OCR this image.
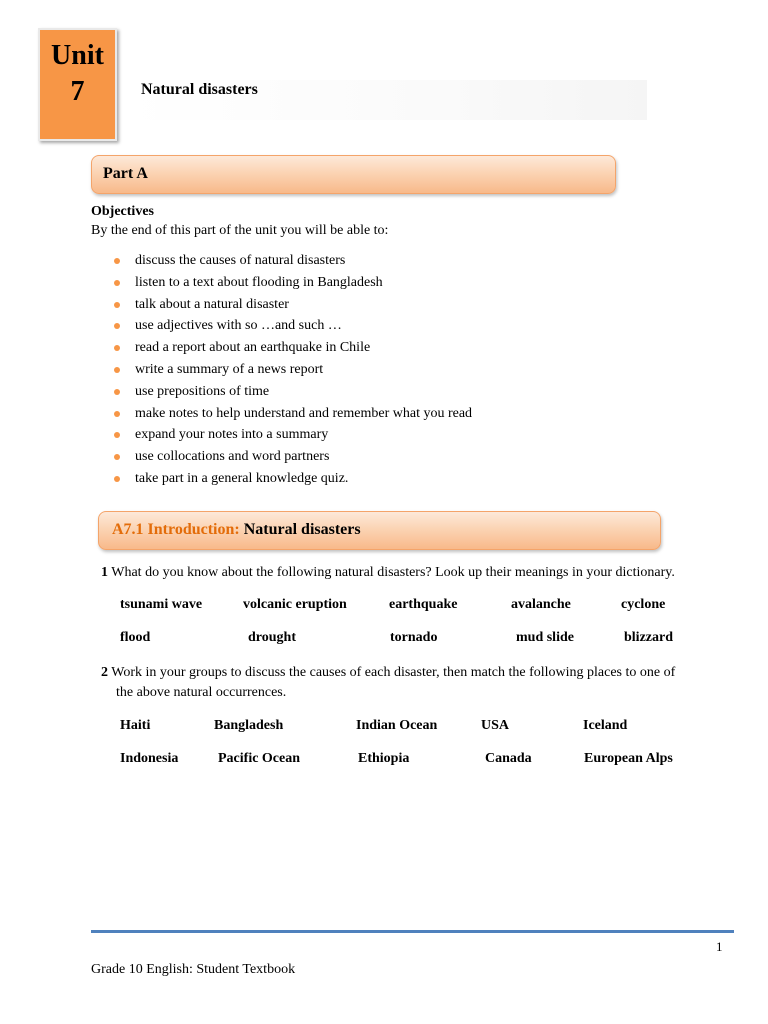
Unit
7	Natural disasters
Part A
Objectives
By the end of this part of the unit you will be able to:
discuss the causes of natural disasters
listen to a text about flooding in Bangladesh
talk about a natural disaster
use adjectives with so …and such …
read a report about an earthquake in Chile
write a summary of a news report
use prepositions of time
make notes to help understand and remember what you read
expand your notes into a summary
use collocations and word partners
take part in a general knowledge quiz.
A7.1 Introduction: Natural disasters
1 What do you know about the following natural disasters? Look up their meanings in your dictionary.
tsunami wave	volcanic eruption	earthquake	avalanche	cyclone
flood	drought	tornado	mud slide	blizzard
2 Work in your groups to discuss the causes of each disaster, then match the following places to one of
the above natural occurrences.
Haiti	Bangladesh	Indian Ocean	USA	Iceland
Indonesia	Pacific Ocean	Ethiopia	Canada	European Alps
1
Grade 10 English: Student Textbook
